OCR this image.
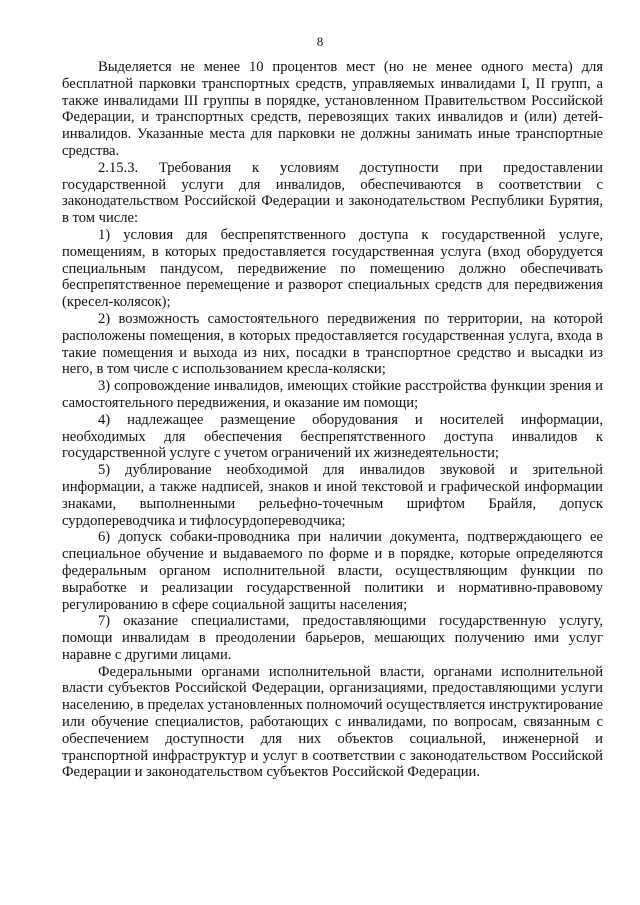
8

Выделяется не менее 10 процентов мест (но не менее одного места) для бесплатной парковки транспортных средств, управляемых инвалидами I, II групп, а также инвалидами III группы в порядке, установленном Правительством Российской Федерации, и транспортных средств, перевозящих таких инвалидов и (или) детей-инвалидов. Указанные места для парковки не должны занимать иные транспортные средства.

2.15.3. Требования к условиям доступности при предоставлении государственной услуги для инвалидов, обеспечиваются в соответствии с законодательством Российской Федерации и законодательством Республики Бурятия, в том числе:

1) условия для беспрепятственного доступа к государственной услуге, помещениям, в которых предоставляется государственная услуга (вход оборудуется специальным пандусом, передвижение по помещению должно обеспечивать беспрепятственное перемещение и разворот специальных средств для передвижения (кресел-колясок);

2) возможность самостоятельного передвижения по территории, на которой расположены помещения, в которых предоставляется государственная услуга, входа в такие помещения и выхода из них, посадки в транспортное средство и высадки из него, в том числе с использованием кресла-коляски;

3) сопровождение инвалидов, имеющих стойкие расстройства функции зрения и самостоятельного передвижения, и оказание им помощи;

4) надлежащее размещение оборудования и носителей информации, необходимых для обеспечения беспрепятственного доступа инвалидов к государственной услуге с учетом ограничений их жизнедеятельности;

5) дублирование необходимой для инвалидов звуковой и зрительной информации, а также надписей, знаков и иной текстовой и графической информации знаками, выполненными рельефно-точечным шрифтом Брайля, допуск сурдопереводчика и тифлосурдопереводчика;

6) допуск собаки-проводника при наличии документа, подтверждающего ее специальное обучение и выдаваемого по форме и в порядке, которые определяются федеральным органом исполнительной власти, осуществляющим функции по выработке и реализации государственной политики и нормативно-правовому регулированию в сфере социальной защиты населения;

7) оказание специалистами, предоставляющими государственную услугу, помощи инвалидам в преодолении барьеров, мешающих получению ими услуг наравне с другими лицами.

Федеральными органами исполнительной власти, органами исполнительной власти субъектов Российской Федерации, организациями, предоставляющими услуги населению, в пределах установленных полномочий осуществляется инструктирование или обучение специалистов, работающих с инвалидами, по вопросам, связанным с обеспечением доступности для них объектов социальной, инженерной и транспортной инфраструктур и услуг в соответствии с законодательством Российской Федерации и законодательством субъектов Российской Федерации.
